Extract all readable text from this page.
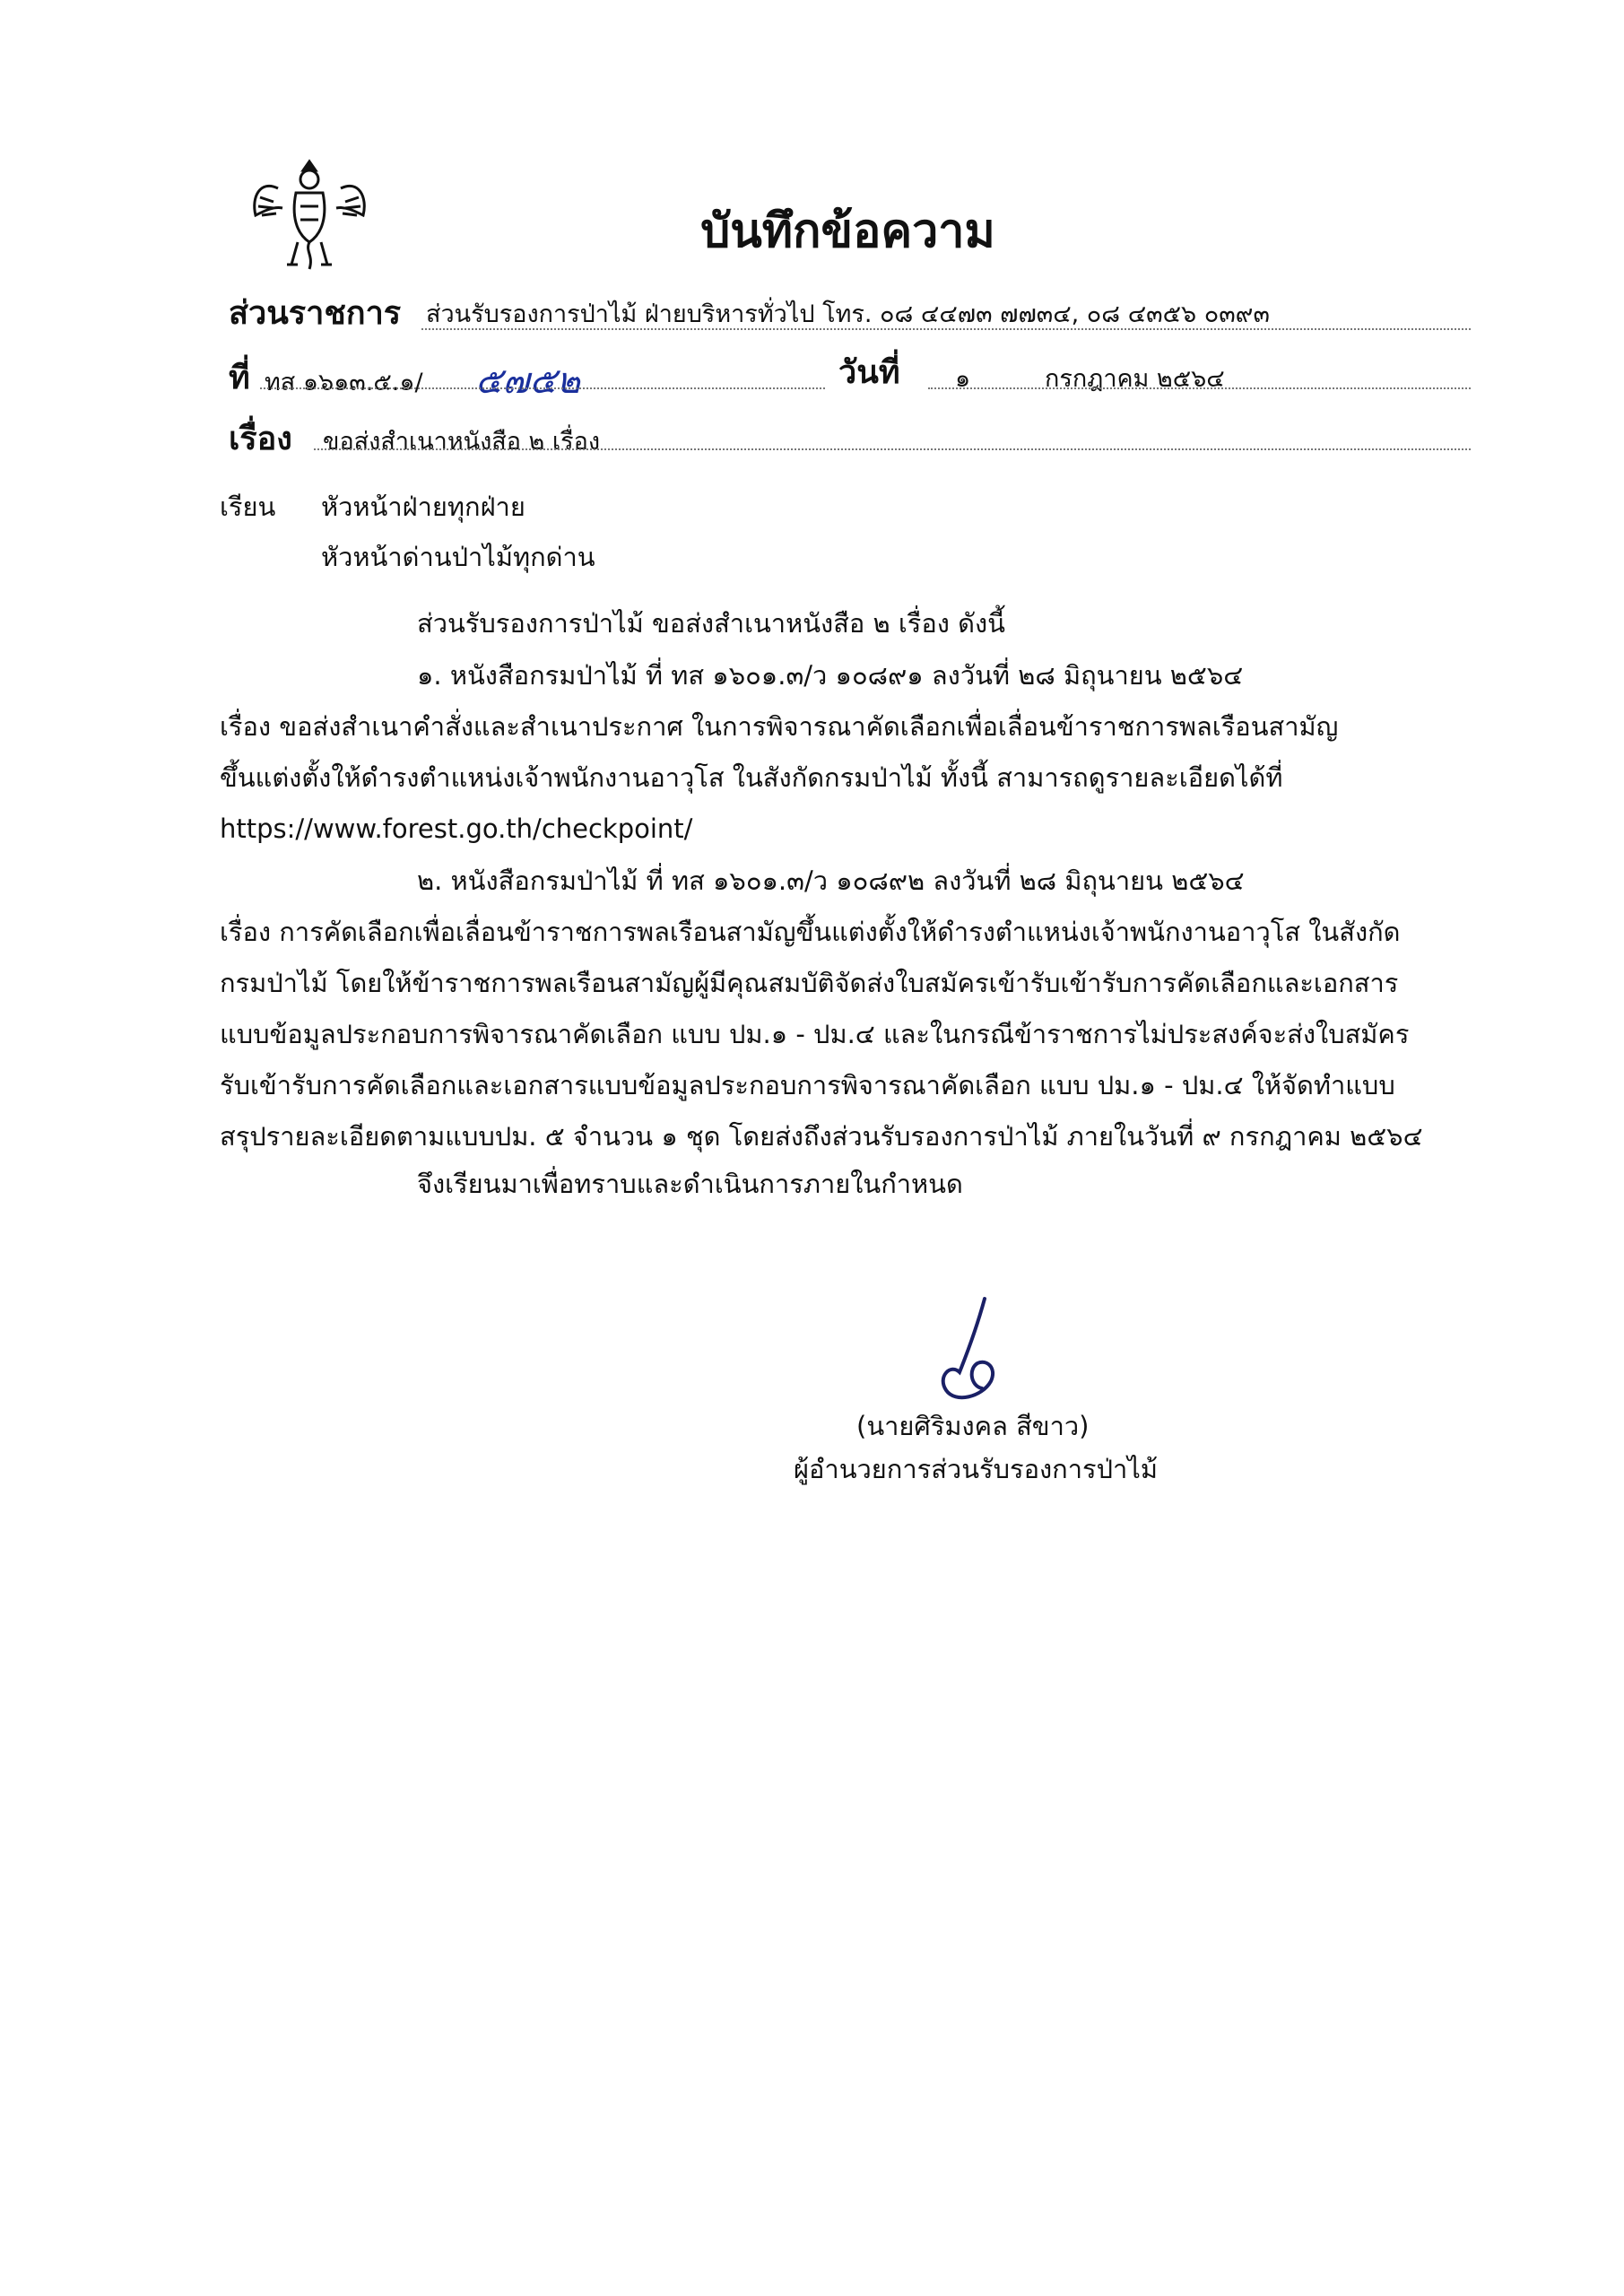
บันทึกข้อความ
ส่วนราชการ ส่วนรับรองการป่าไม้ ฝ่ายบริหารทั่วไป โทร. ๐๘ ๔๔๗๓ ๗๗๓๔, ๐๘ ๔๓๕๖ ๐๓๙๓
ที่ ทส ๑๖๑๓.๕.๑/ ๕๗๕๒	วันที่ ๑	กรกฎาคม ๒๕๖๔
เรื่อง ขอส่งสำเนาหนังสือ ๒ เรื่อง
เรียน หัวหน้าฝ่ายทุกฝ่าย
หัวหน้าด่านป่าไม้ทุกด่าน
ส่วนรับรองการป่าไม้ ขอส่งสำเนาหนังสือ ๒ เรื่อง ดังนี้
๑. หนังสือกรมป่าไม้ ที่ ทส ๑๖๐๑.๓/ว ๑๐๘๙๑ ลงวันที่ ๒๘ มิถุนายน ๒๕๖๔
เรื่อง ขอส่งสำเนาคำสั่งและสำเนาประกาศ ในการพิจารณาคัดเลือกเพื่อเลื่อนข้าราชการพลเรือนสามัญ
ขึ้นแต่งตั้งให้ดำรงตำแหน่งเจ้าพนักงานอาวุโส ในสังกัดกรมป่าไม้ ทั้งนี้ สามารถดูรายละเอียดได้ที่
https://www.forest.go.th/checkpoint/
๒. หนังสือกรมป่าไม้ ที่ ทส ๑๖๐๑.๓/ว ๑๐๘๙๒ ลงวันที่ ๒๘ มิถุนายน ๒๕๖๔
เรื่อง การคัดเลือกเพื่อเลื่อนข้าราชการพลเรือนสามัญขึ้นแต่งตั้งให้ดำรงตำแหน่งเจ้าพนักงานอาวุโส ในสังกัด
กรมป่าไม้ โดยให้ข้าราชการพลเรือนสามัญผู้มีคุณสมบัติจัดส่งใบสมัครเข้ารับเข้ารับการคัดเลือกและเอกสาร
แบบข้อมูลประกอบการพิจารณาคัดเลือก แบบ ปม.๑ - ปม.๔ และในกรณีข้าราชการไม่ประสงค์จะส่งใบสมัคร
รับเข้ารับการคัดเลือกและเอกสารแบบข้อมูลประกอบการพิจารณาคัดเลือก แบบ ปม.๑ - ปม.๔ ให้จัดทำแบบ
สรุปรายละเอียดตามแบบปม. ๕ จำนวน ๑ ชุด โดยส่งถึงส่วนรับรองการป่าไม้ ภายในวันที่ ๙ กรกฎาคม ๒๕๖๔
จึงเรียนมาเพื่อทราบและดำเนินการภายในกำหนด
(นายศิริมงคล สีขาว)
ผู้อำนวยการส่วนรับรองการป่าไม้
